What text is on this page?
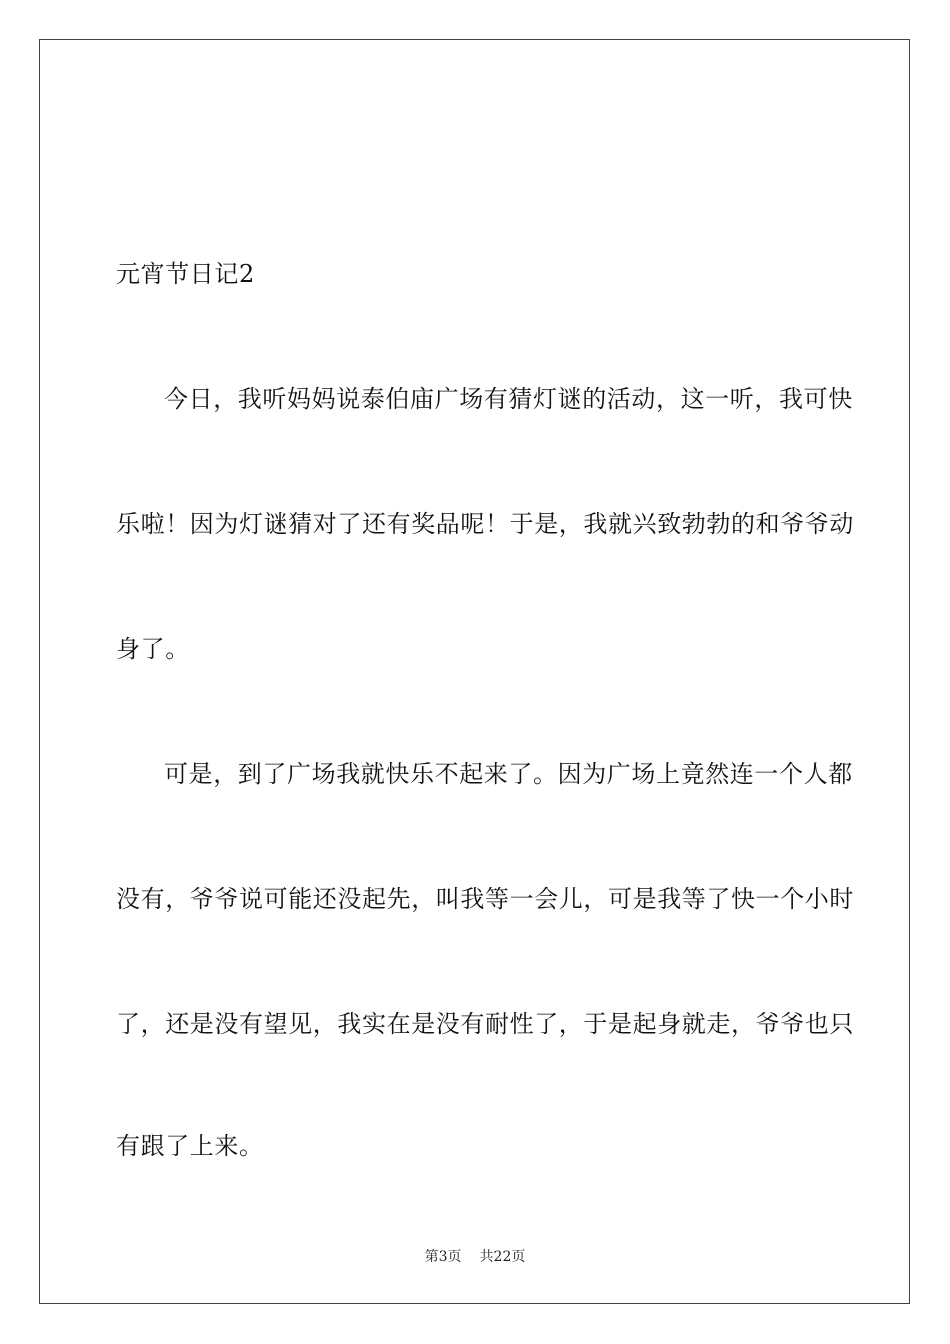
元宵节日记2
今日，我听妈妈说泰伯庙广场有猜灯谜的活动，这一听，我可快
乐啦！因为灯谜猜对了还有奖品呢！于是，我就兴致勃勃的和爷爷动
身了。
可是，到了广场我就快乐不起来了。因为广场上竟然连一个人都
没有，爷爷说可能还没起先，叫我等一会儿，可是我等了快一个小时
了，还是没有望见，我实在是没有耐性了，于是起身就走，爷爷也只
有跟了上来。
第3页 共22页
